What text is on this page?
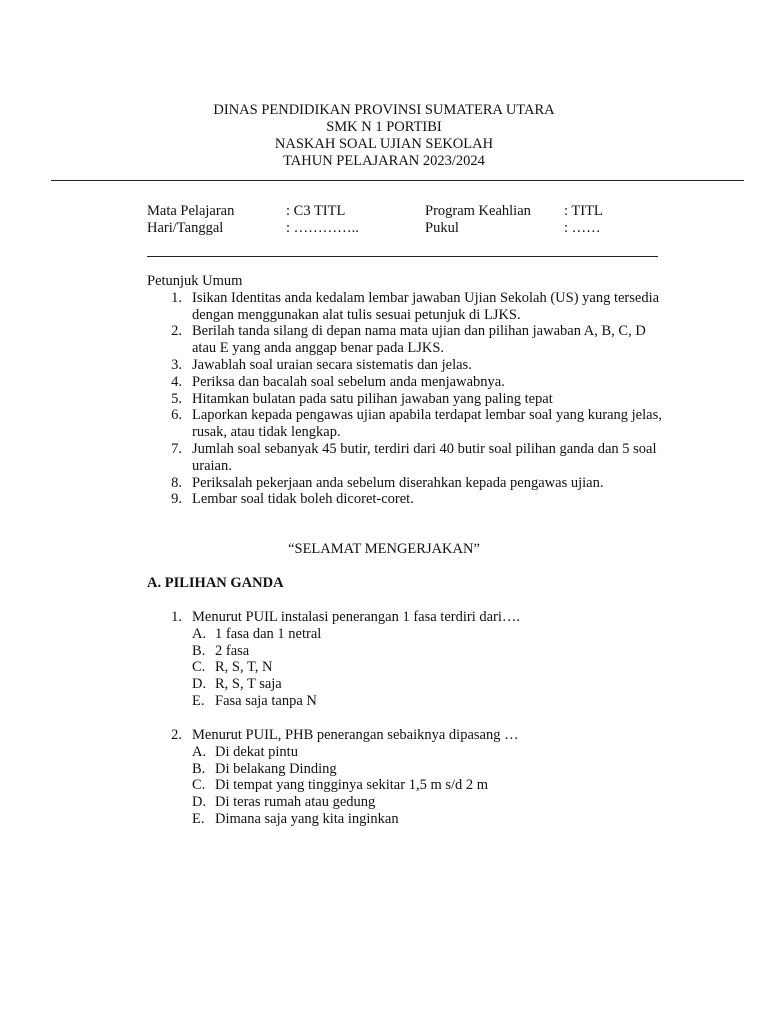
DINAS PENDIDIKAN PROVINSI SUMATERA UTARA
SMK N 1 PORTIBI
NASKAH SOAL UJIAN SEKOLAH
TAHUN PELAJARAN 2023/2024
Mata Pelajaran	: C3 TITL	Program Keahlian : TITL
Hari/Tanggal	: …………..	Pukul	: ……
Petunjuk Umum
1. Isikan Identitas anda kedalam lembar jawaban Ujian Sekolah (US) yang tersedia dengan menggunakan alat tulis sesuai petunjuk di LJKS.
2. Berilah tanda silang di depan nama mata ujian dan pilihan jawaban A, B, C, D atau E yang anda anggap benar pada LJKS.
3. Jawablah soal uraian secara sistematis dan jelas.
4. Periksa dan bacalah soal sebelum anda menjawabnya.
5. Hitamkan bulatan pada satu pilihan jawaban yang paling tepat
6. Laporkan kepada pengawas ujian apabila terdapat lembar soal yang kurang jelas, rusak, atau tidak lengkap.
7. Jumlah soal sebanyak 45 butir, terdiri dari 40 butir soal pilihan ganda dan 5 soal uraian.
8. Periksalah pekerjaan anda sebelum diserahkan kepada pengawas ujian.
9. Lembar soal tidak boleh dicoret-coret.
“SELAMAT MENGERJAKAN”
A. PILIHAN GANDA
1. Menurut PUIL instalasi penerangan 1 fasa terdiri dari….
A. 1 fasa dan 1 netral
B. 2 fasa
C. R, S, T, N
D. R, S, T saja
E. Fasa saja tanpa N
2. Menurut PUIL, PHB penerangan sebaiknya dipasang …
A. Di dekat pintu
B. Di belakang Dinding
C. Di tempat yang tingginya sekitar 1,5 m s/d 2 m
D. Di teras rumah atau gedung
E. Dimana saja yang kita inginkan
